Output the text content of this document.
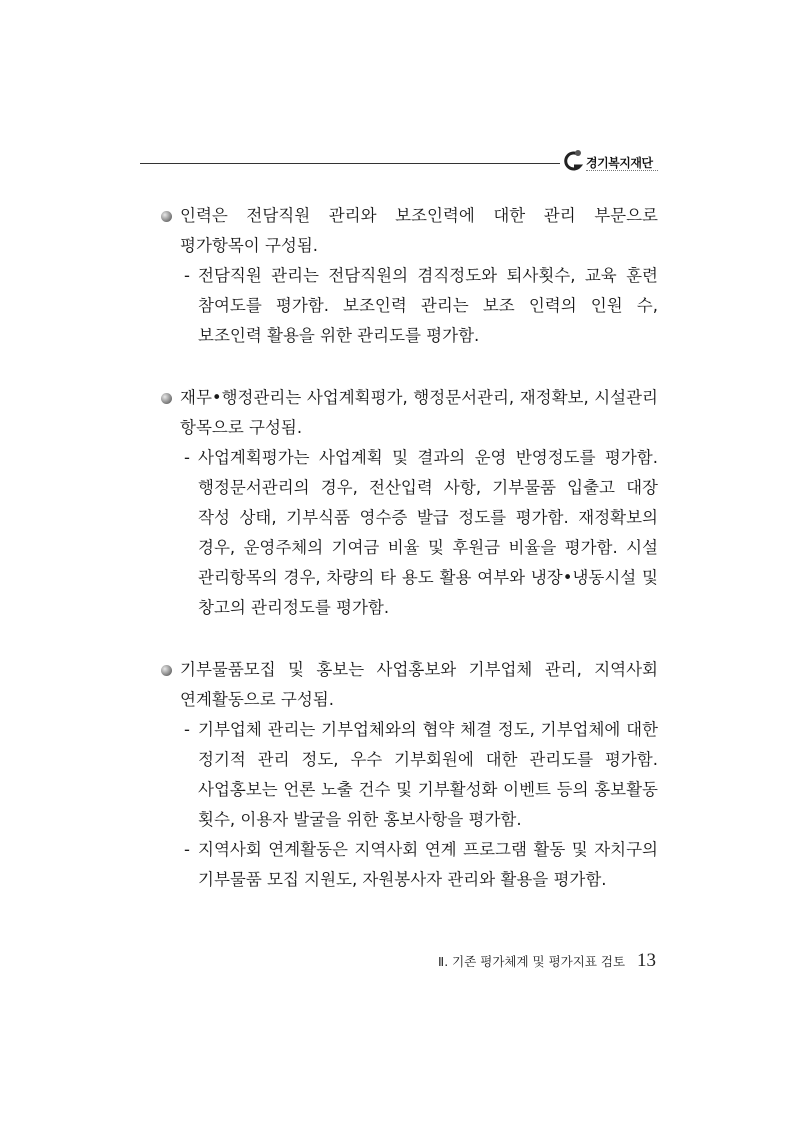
경기복지재단
인력은 전담직원 관리와 보조인력에 대한 관리 부문으로 평가항목이 구성됨.
- 전담직원 관리는 전담직원의 겸직정도와 퇴사횟수, 교육 훈련 참여도를 평가함. 보조인력 관리는 보조 인력의 인원 수, 보조인력 활용을 위한 관리도를 평가함.
재무•행정관리는 사업계획평가, 행정문서관리, 재정확보, 시설관리 항목으로 구성됨.
- 사업계획평가는 사업계획 및 결과의 운영 반영정도를 평가함. 행정문서관리의 경우, 전산입력 사항, 기부물품 입출고 대장 작성 상태, 기부식품 영수증 발급 정도를 평가함. 재정확보의 경우, 운영주체의 기여금 비율 및 후원금 비율을 평가함. 시설 관리항목의 경우, 차량의 타 용도 활용 여부와 냉장•냉동시설 및 창고의 관리정도를 평가함.
기부물품모집 및 홍보는 사업홍보와 기부업체 관리, 지역사회 연계활동으로 구성됨.
- 기부업체 관리는 기부업체와의 협약 체결 정도, 기부업체에 대한 정기적 관리 정도, 우수 기부회원에 대한 관리도를 평가함. 사업홍보는 언론 노출 건수 및 기부활성화 이벤트 등의 홍보활동 횟수, 이용자 발굴을 위한 홍보사항을 평가함.
- 지역사회 연계활동은 지역사회 연계 프로그램 활동 및 자치구의 기부물품 모집 지원도, 자원봉사자 관리와 활용을 평가함.
Ⅱ. 기존 평가체계 및 평가지표 검토 13
